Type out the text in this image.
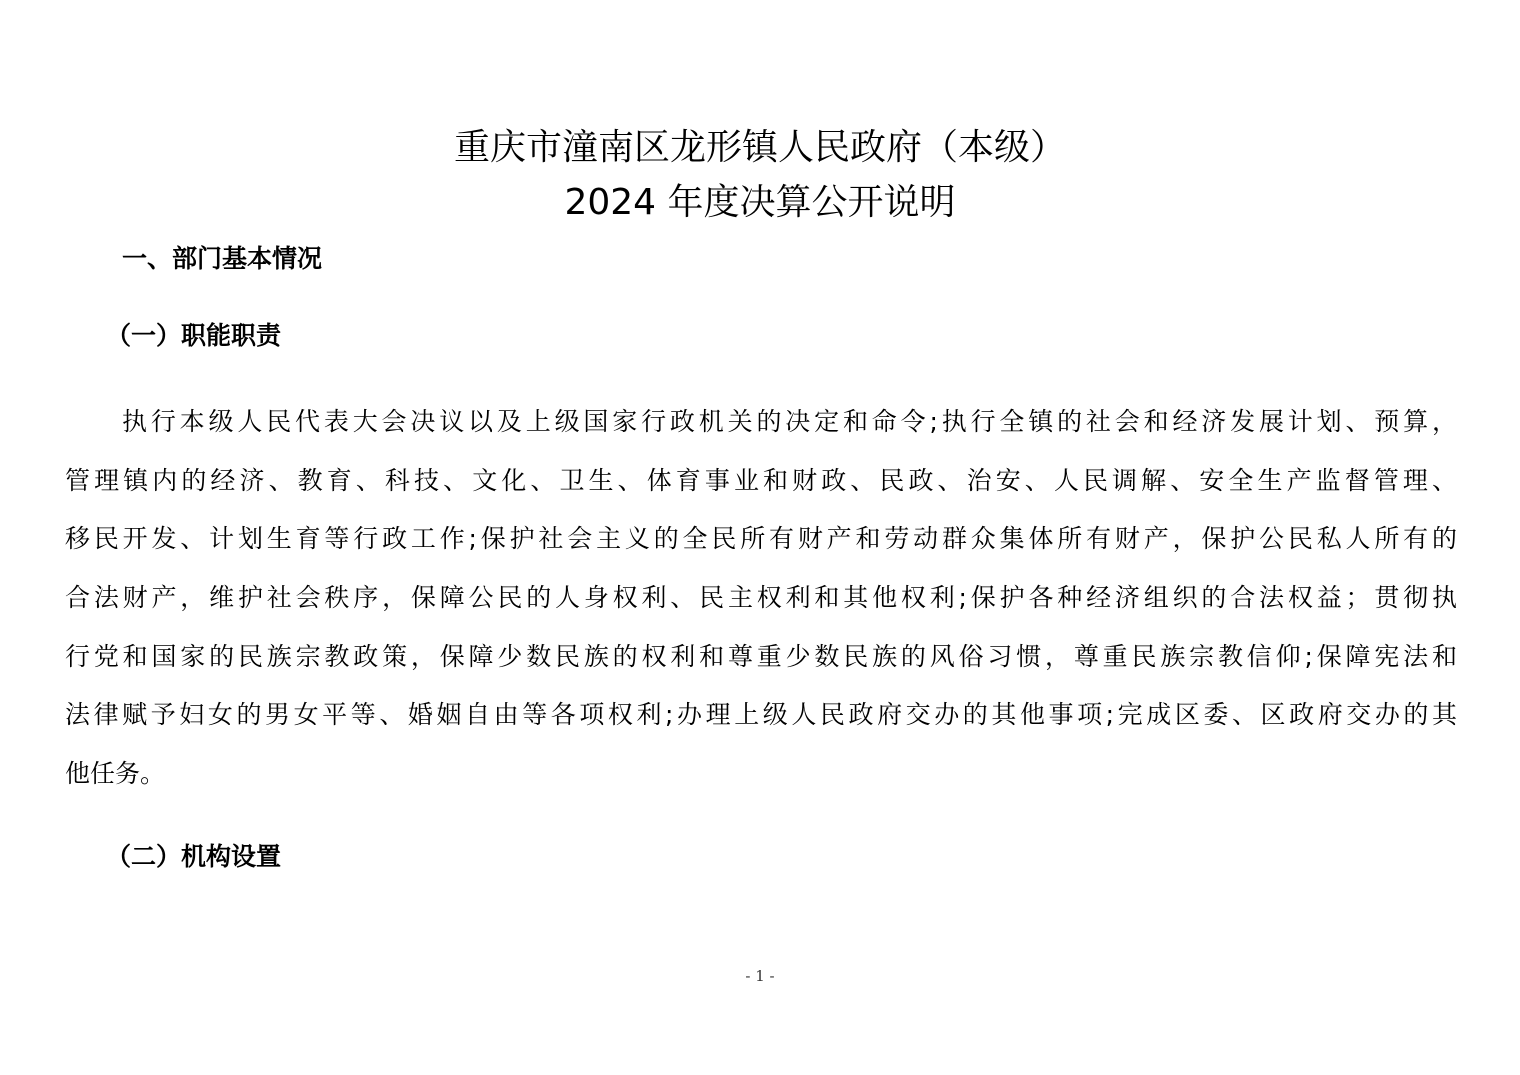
重庆市潼南区龙形镇人民政府（本级）
2024 年度决算公开说明
一、部门基本情况
（一）职能职责
执行本级人民代表大会决议以及上级国家行政机关的决定和命令;执行全镇的社会和经济发展计划、预算，
管理镇内的经济、教育、科技、文化、卫生、体育事业和财政、民政、治安、人民调解、安全生产监督管理、
移民开发、计划生育等行政工作;保护社会主义的全民所有财产和劳动群众集体所有财产，保护公民私人所有的
合法财产，维护社会秩序，保障公民的人身权利、民主权利和其他权利;保护各种经济组织的合法权益；贯彻执
行党和国家的民族宗教政策，保障少数民族的权利和尊重少数民族的风俗习惯，尊重民族宗教信仰;保障宪法和
法律赋予妇女的男女平等、婚姻自由等各项权利;办理上级人民政府交办的其他事项;完成区委、区政府交办的其
他任务。
（二）机构设置
- 1 -
